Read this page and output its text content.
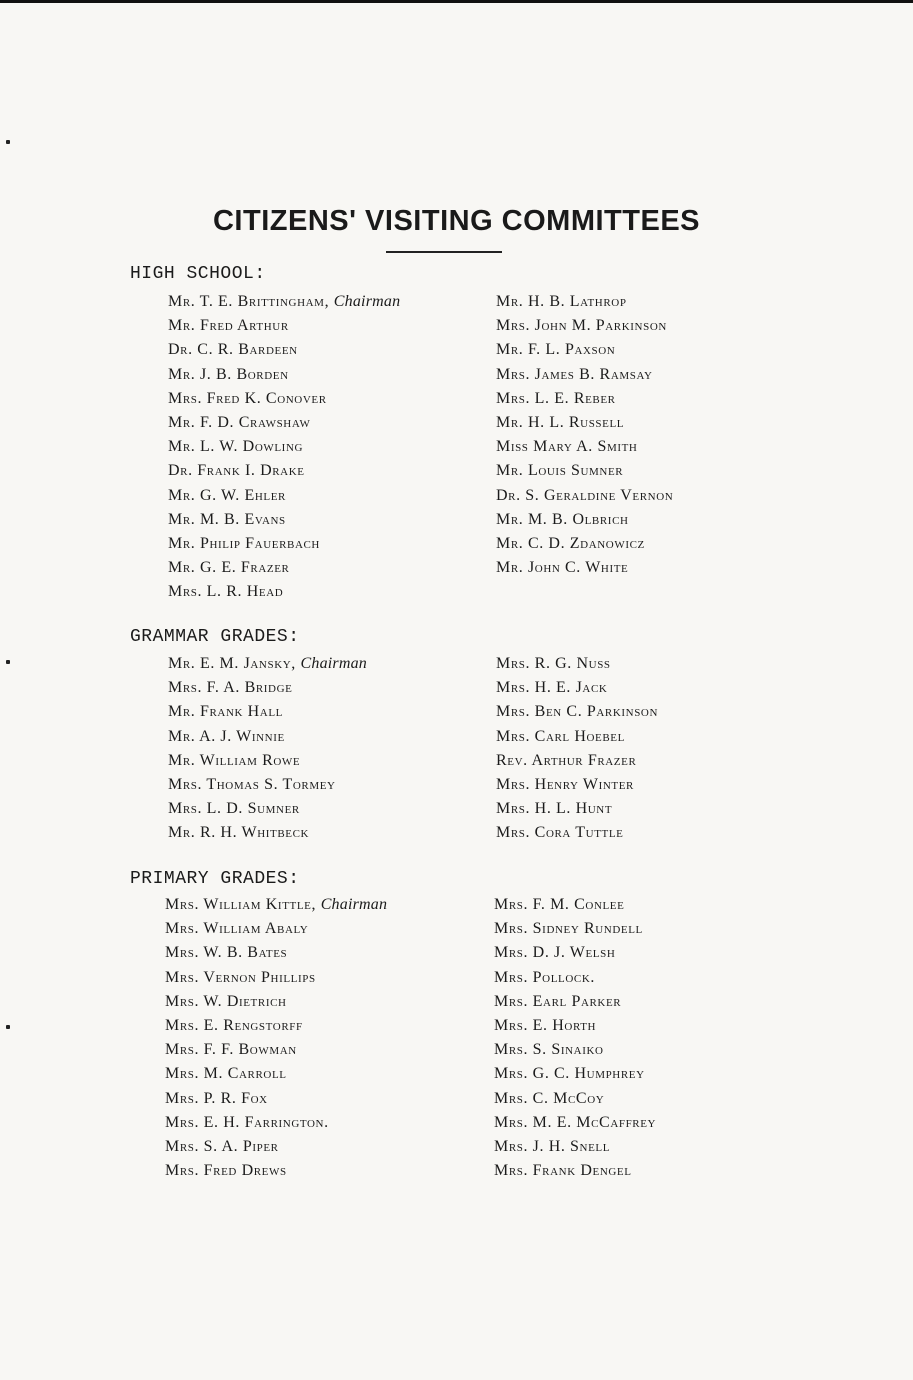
CITIZENS' VISITING COMMITTEES
HIGH SCHOOL:
Mr. T. E. Brittingham, Chairman
Mr. Fred Arthur
Dr. C. R. Bardeen
Mr. J. B. Borden
Mrs. Fred K. Conover
Mr. F. D. Crawshaw
Mr. L. W. Dowling
Dr. Frank I. Drake
Mr. G. W. Ehler
Mr. M. B. Evans
Mr. Philip Fauerbach
Mr. G. E. Frazer
Mrs. L. R. Head
Mr. H. B. Lathrop
Mrs. John M. Parkinson
Mr. F. L. Paxson
Mrs. James B. Ramsay
Mrs. L. E. Reber
Mr. H. L. Russell
Miss Mary A. Smith
Mr. Louis Sumner
Dr. S. Geraldine Vernon
Mr. M. B. Olbrich
Mr. C. D. Zdanowicz
Mr. John C. White
GRAMMAR GRADES:
Mr. E. M. Jansky, Chairman
Mrs. F. A. Bridge
Mr. Frank Hall
Mr. A. J. Winnie
Mr. William Rowe
Mrs. Thomas S. Tormey
Mrs. L. D. Sumner
Mr. R. H. Whitbeck
Mrs. R. G. Nuss
Mrs. H. E. Jack
Mrs. Ben C. Parkinson
Mrs. Carl Hoebel
Rev. Arthur Frazer
Mrs. Henry Winter
Mrs. H. L. Hunt
Mrs. Cora Tuttle
PRIMARY GRADES:
Mrs. William Kittle, Chairman
Mrs. William Abaly
Mrs. W. B. Bates
Mrs. Vernon Phillips
Mrs. W. Dietrich
Mrs. E. Rengstorff
Mrs. F. F. Bowman
Mrs. M. Carroll
Mrs. P. R. Fox
Mrs. E. H. Farrington.
Mrs. S. A. Piper
Mrs. Fred Drews
Mrs. F. M. Conlee
Mrs. Sidney Rundell
Mrs. D. J. Welsh
Mrs. Pollock.
Mrs. Earl Parker
Mrs. E. Horth
Mrs. S. Sinaiko
Mrs. G. C. Humphrey
Mrs. C. McCoy
Mrs. M. E. McCaffrey
Mrs. J. H. Snell
Mrs. Frank Dengel
